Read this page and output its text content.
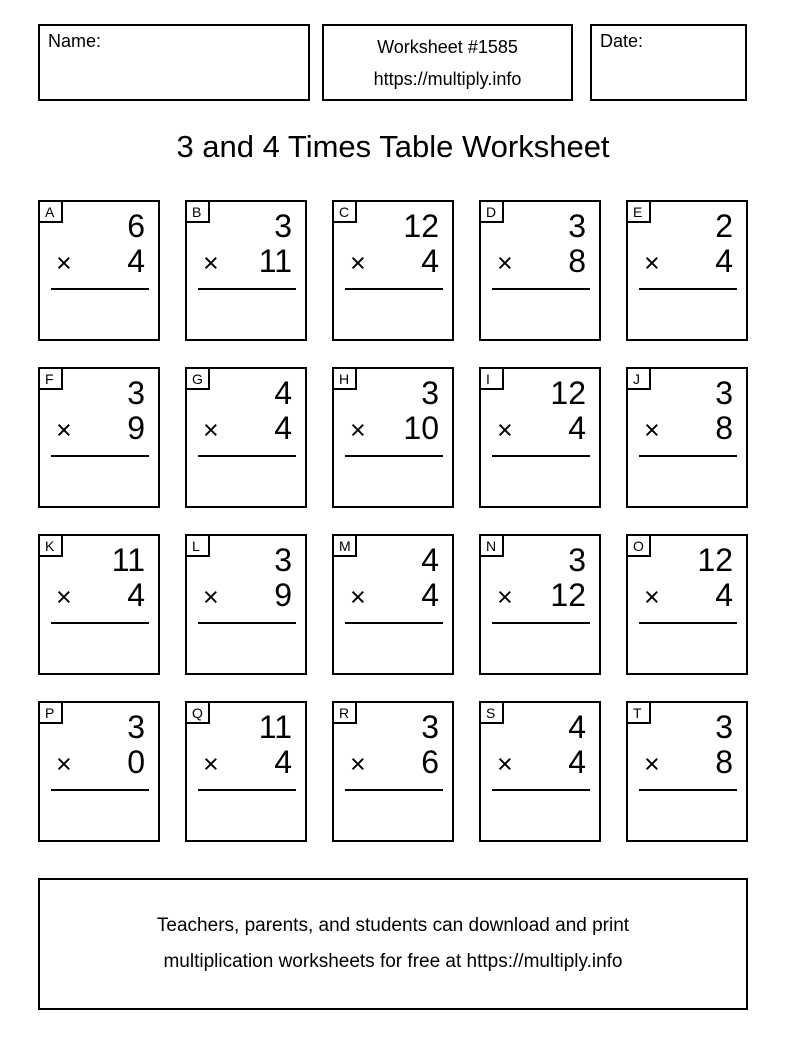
Name:	Worksheet #1585
https://multiply.info
Date:
3 and 4 Times Table Worksheet
A	6
× 4
B	3
× 11
C	12
× 4
D	3
× 8
E	2
× 4
F	3
× 9
G	4
× 4
H	3
× 10
I	12
× 4
J	3
× 8
K	11
× 4
L	3
× 9
M	4
× 4
N	3
× 12
O	12
× 4
P	3
× 0
Q	11
× 4
R	3
× 6
S	4
× 4
T	3
× 8
Teachers, parents, and students can download and print
multiplication worksheets for free at https://multiply.info
